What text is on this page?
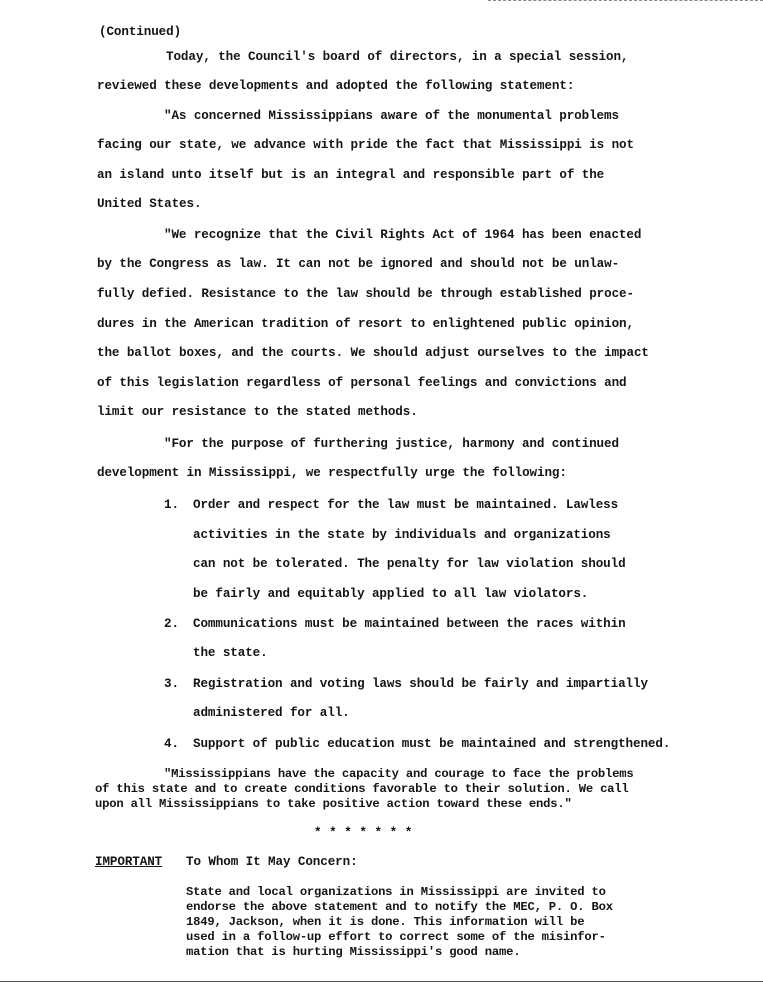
(Continued)
Today, the Council's board of directors, in a special session,
reviewed these developments and adopted the following statement:
"As concerned Mississippians aware of the monumental problems
facing our state, we advance with pride the fact that Mississippi is not
an island unto itself but is an integral and responsible part of the
United States.
"We recognize that the Civil Rights Act of 1964 has been enacted
by the Congress as law. It can not be ignored and should not be unlaw-
fully defied. Resistance to the law should be through established proce-
dures in the American tradition of resort to enlightened public opinion,
the ballot boxes, and the courts. We should adjust ourselves to the impact
of this legislation regardless of personal feelings and convictions and
limit our resistance to the stated methods.
"For the purpose of furthering justice, harmony and continued
development in Mississippi, we respectfully urge the following:
1. Order and respect for the law must be maintained. Lawless
activities in the state by individuals and organizations
can not be tolerated. The penalty for law violation should
be fairly and equitably applied to all law violators.
2. Communications must be maintained between the races within
the state.
3. Registration and voting laws should be fairly and impartially
administered for all.
4. Support of public education must be maintained and strengthened.
"Mississippians have the capacity and courage to face the problems
of this state and to create conditions favorable to their solution. We call
upon all Mississippians to take positive action toward these ends."
* * * * * * *
IMPORTANT To Whom It May Concern:
State and local organizations in Mississippi are invited to
endorse the above statement and to notify the MEC, P. O. Box
1849, Jackson, when it is done. This information will be
used in a follow-up effort to correct some of the misinfor-
mation that is hurting Mississippi's good name.
